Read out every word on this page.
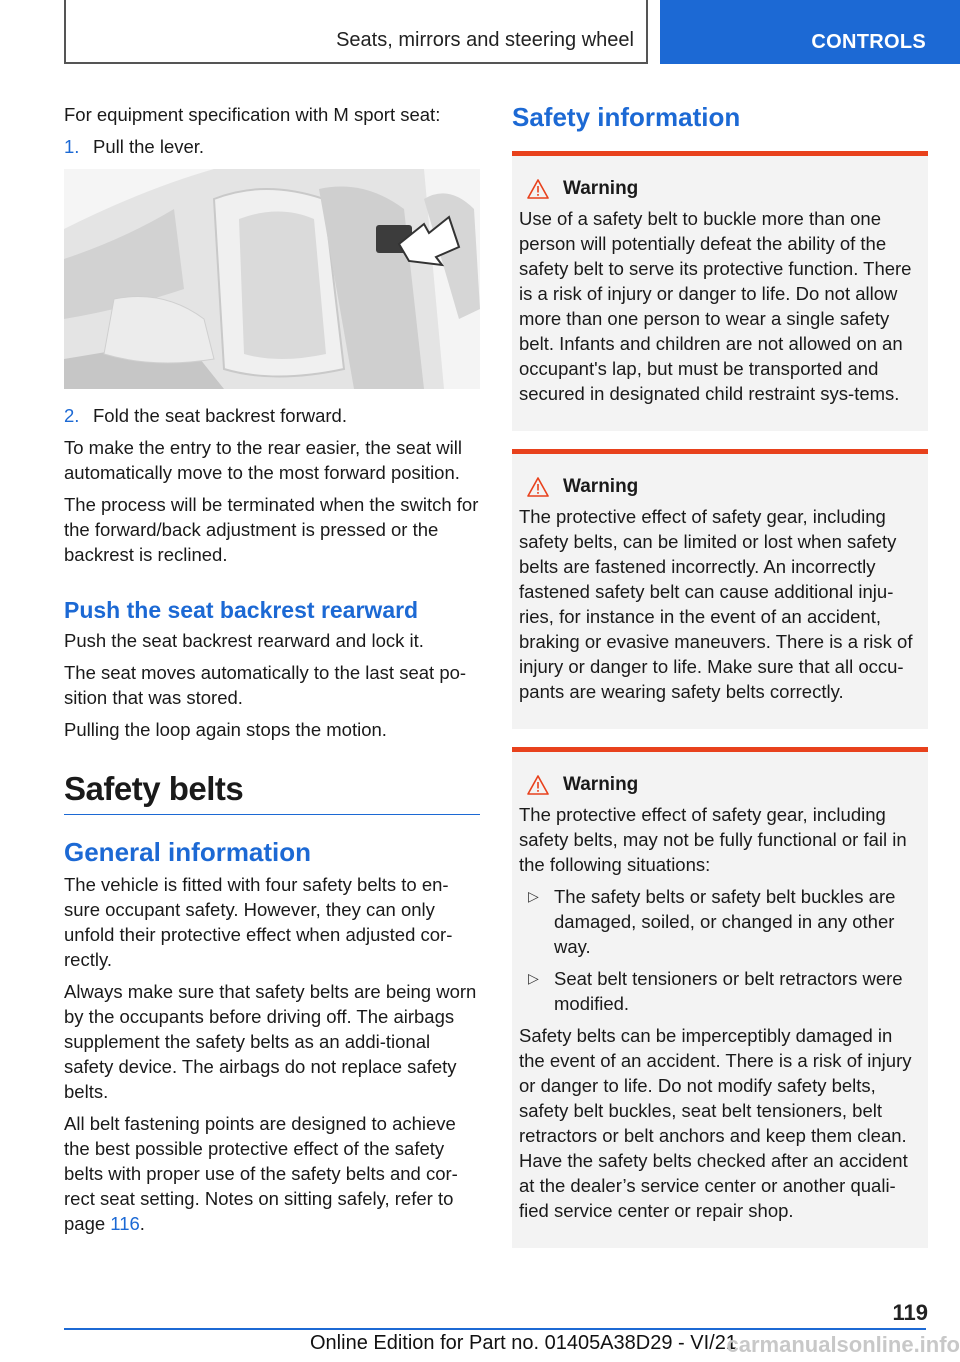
Seats, mirrors and steering wheel	CONTROLS

For equipment specification with M sport seat:

1. Pull the lever.
2. Fold the seat backrest forward.

To make the entry to the rear easier, the seat will automatically move to the most forward position.

The process will be terminated when the switch for the forward/back adjustment is pressed or the backrest is reclined.

Push the seat backrest rearward

Push the seat backrest rearward and lock it.

The seat moves automatically to the last seat po‐sition that was stored.

Pulling the loop again stops the motion.

Safety belts
General information

The vehicle is fitted with four safety belts to en‐sure occupant safety. However, they can only unfold their protective effect when adjusted cor‐rectly.

Always make sure that safety belts are being worn by the occupants before driving off. The airbags supplement the safety belts as an addi‐tional safety device. The airbags do not replace safety belts.

All belt fastening points are designed to achieve the best possible protective effect of the safety belts with proper use of the safety belts and cor‐rect seat setting. Notes on sitting safely, refer to page 116.

Safety information
Warning

Use of a safety belt to buckle more than one person will potentially defeat the ability of the safety belt to serve its protective function. There is a risk of injury or danger to life. Do not allow more than one person to wear a single safety belt. Infants and children are not allowed on an occupant's lap, but must be transported and secured in designated child restraint sys‐tems.

Warning

The protective effect of safety gear, including safety belts, can be limited or lost when safety belts are fastened incorrectly. An incorrectly fastened safety belt can cause additional inju‐ries, for instance in the event of an accident, braking or evasive maneuvers. There is a risk of injury or danger to life. Make sure that all occu‐pants are wearing safety belts correctly.

Warning

The protective effect of safety gear, including safety belts, may not be fully functional or fail in the following situations:

▷ The safety belts or safety belt buckles are damaged, soiled, or changed in any other way.
▷ Seat belt tensioners or belt retractors were modified.

Safety belts can be imperceptibly damaged in the event of an accident. There is a risk of injury or danger to life. Do not modify safety belts, safety belt buckles, seat belt tensioners, belt retractors or belt anchors and keep them clean. Have the safety belts checked after an accident at the dealer’s service center or another quali‐fied service center or repair shop.

119
Online Edition for Part no. 01405A38D29 - VI/21
carmanualsonline.info
